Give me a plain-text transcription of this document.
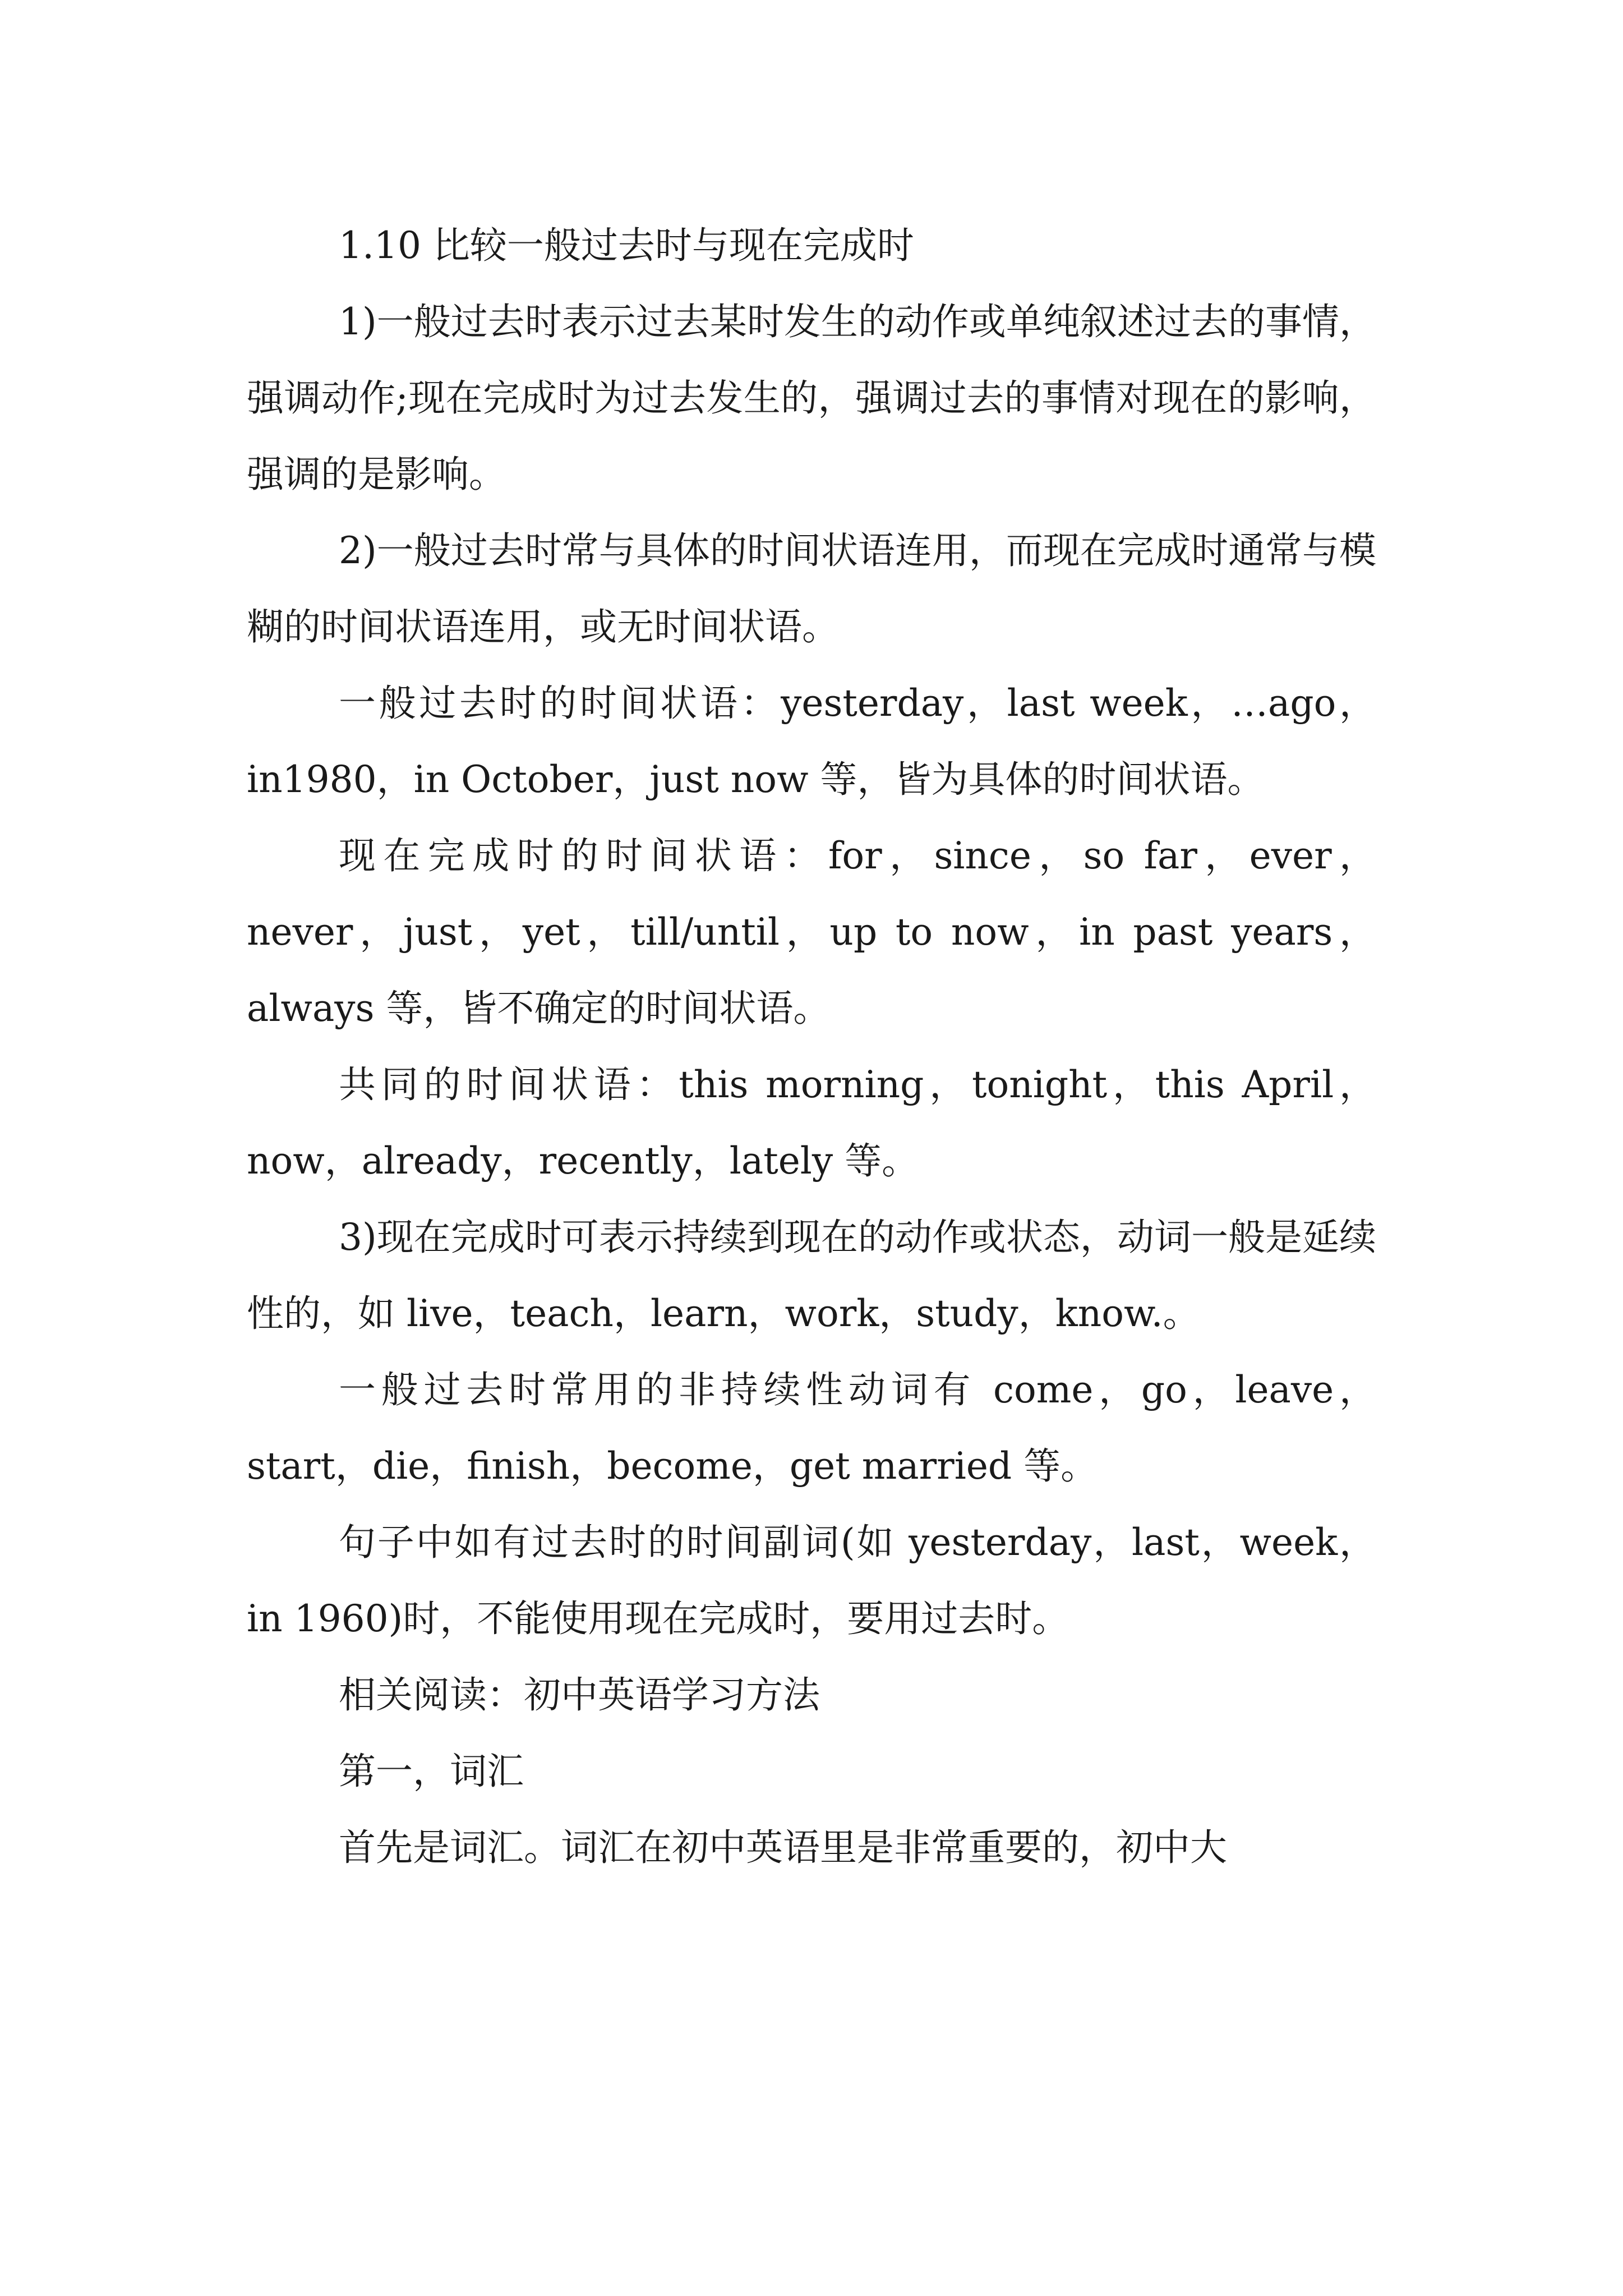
1.10 比较一般过去时与现在完成时

1)一般过去时表示过去某时发生的动作或单纯叙述过去的事情，强调动作;现在完成时为过去发生的，强调过去的事情对现在的影响，强调的是影响。

2)一般过去时常与具体的时间状语连用，而现在完成时通常与模糊的时间状语连用，或无时间状语。

一般过去时的时间状语：yesterday，last week，…ago，in1980，in October，just now 等，皆为具体的时间状语。

现在完成时的时间状语：for，since，so far，ever，never，just，yet，till/until，up to now，in past years，always 等，皆不确定的时间状语。

共同的时间状语：this morning，tonight，this April，now，already，recently，lately 等。

3)现在完成时可表示持续到现在的动作或状态，动词一般是延续性的，如 live，teach，learn，work，study，know.。

一般过去时常用的非持续性动词有 come，go，leave，start，die，finish，become，get married 等。

句子中如有过去时的时间副词(如 yesterday，last，week，in 1960)时，不能使用现在完成时，要用过去时。

相关阅读：初中英语学习方法

第一，词汇

首先是词汇。词汇在初中英语里是非常重要的，初中大
